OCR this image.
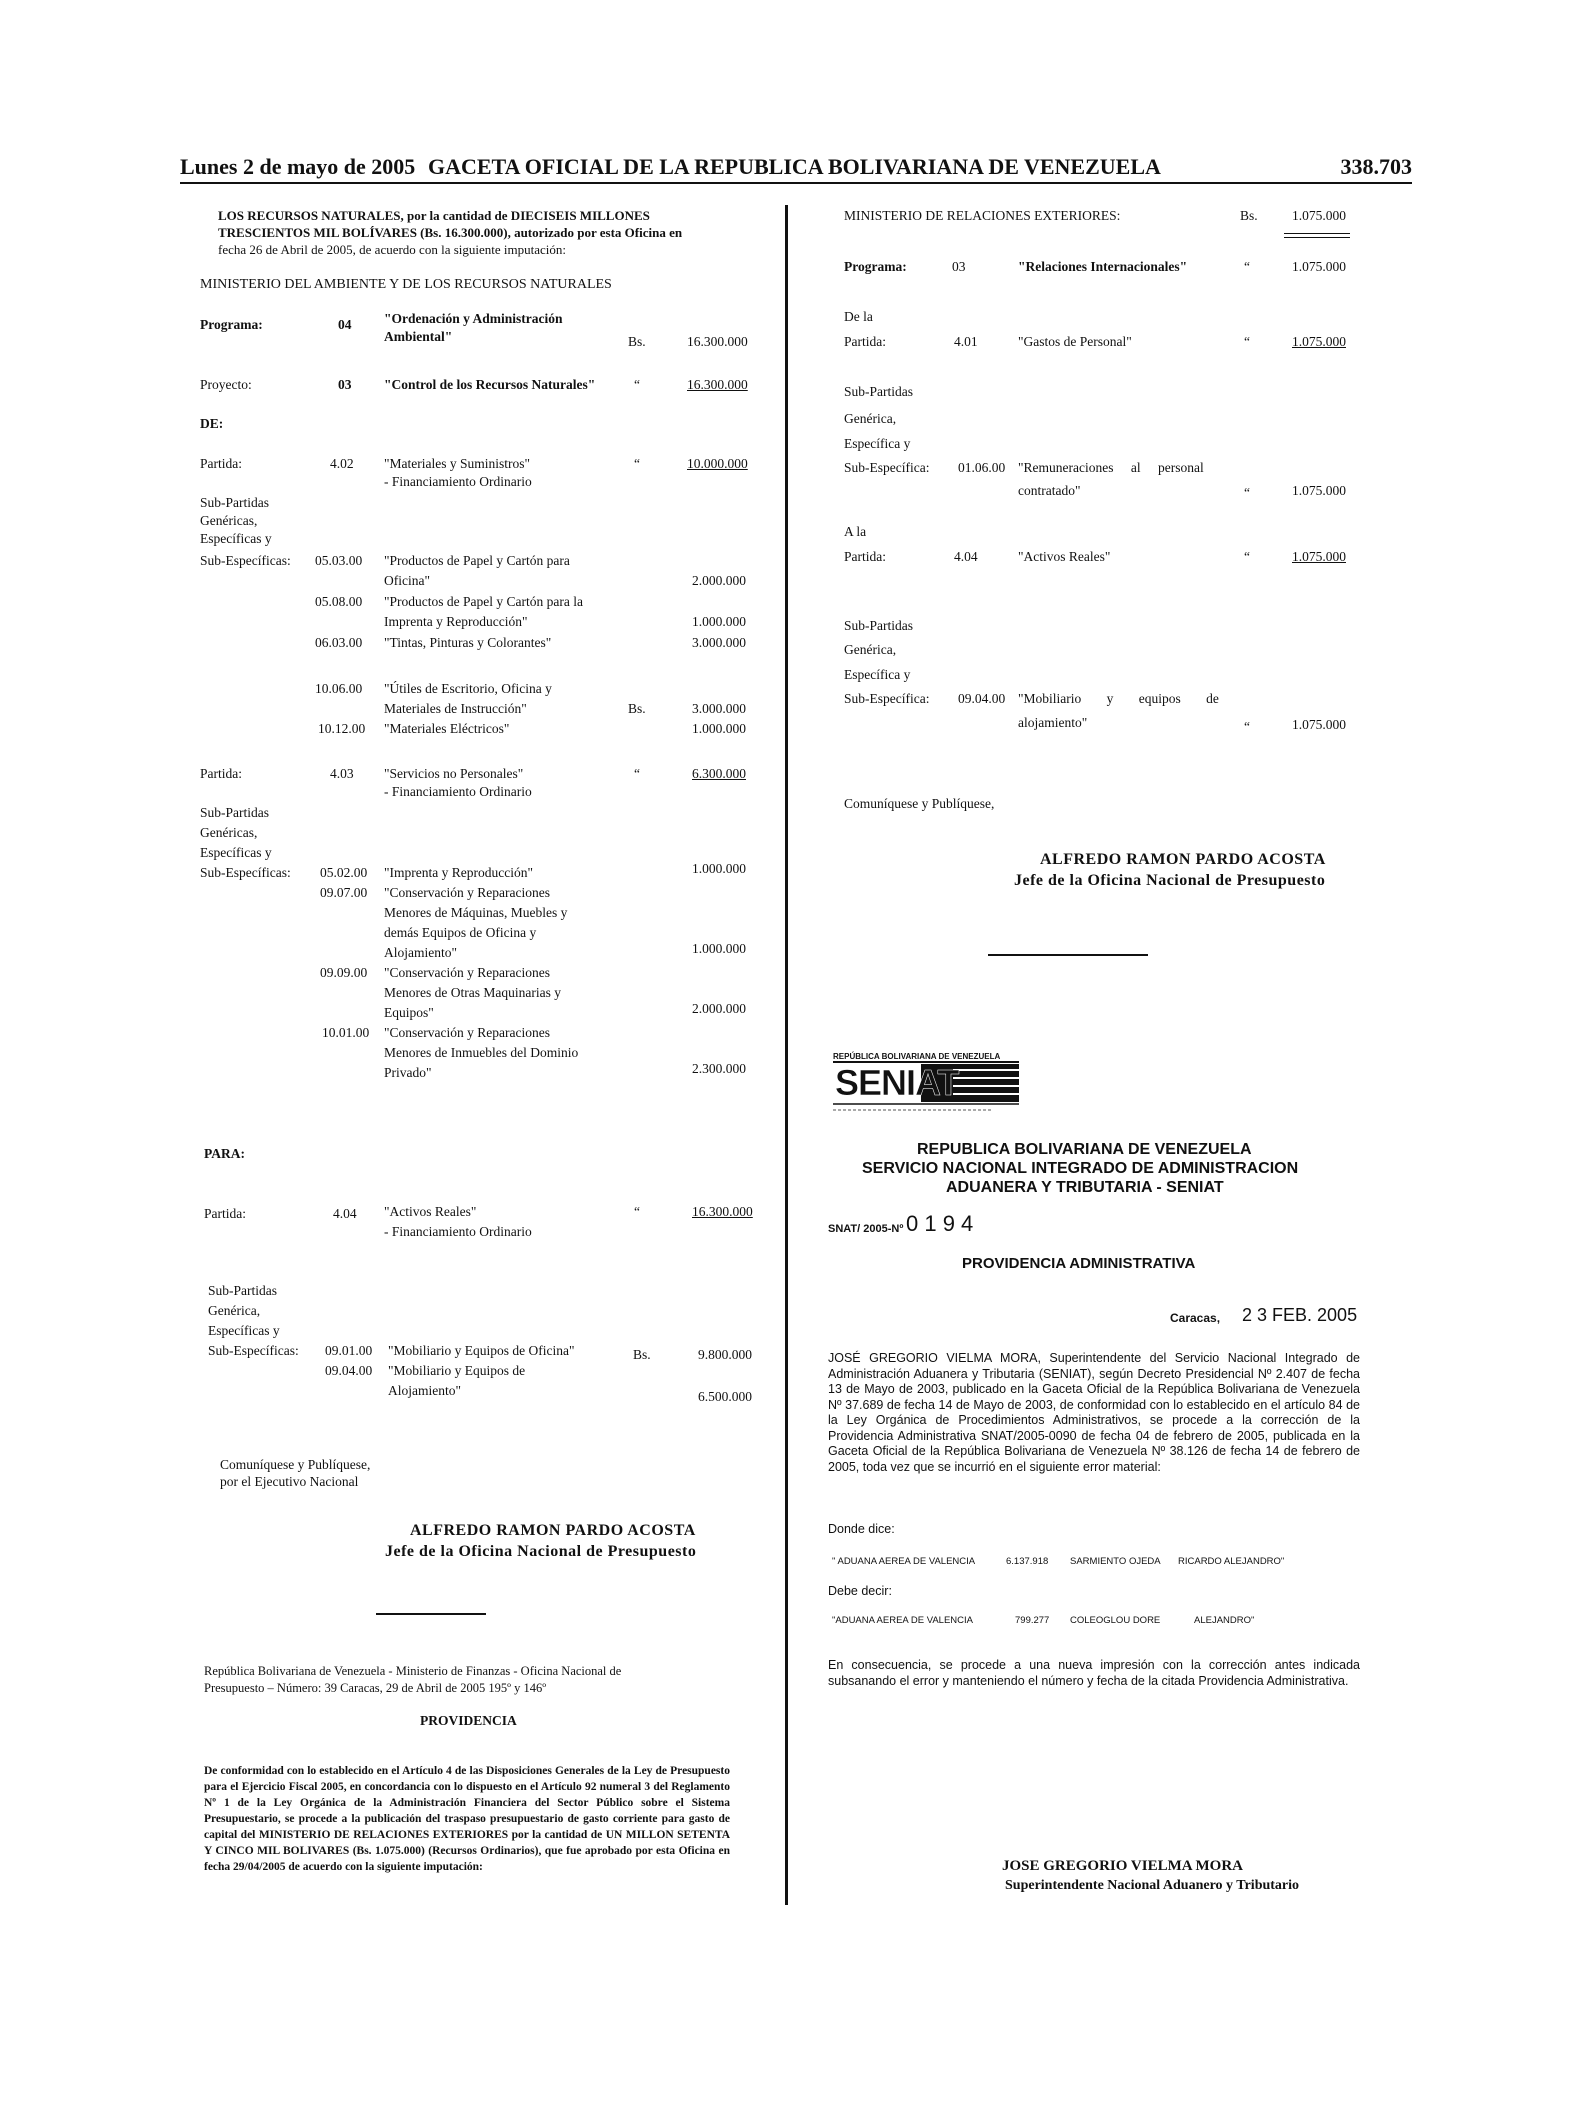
Lunes 2 de mayo de 2005 GACETA OFICIAL DE LA REPUBLICA BOLIVARIANA DE VENEZUELA	338.703
LOS RECURSOS NATURALES, por la cantidad de DIECISEIS MILLONES
TRESCIENTOS MIL BOLÍVARES (Bs. 16.300.000), autorizado por esta Oficina en
fecha 26 de Abril de 2005, de acuerdo con la siguiente imputación:
MINISTERIO DEL AMBIENTE Y DE LOS RECURSOS NATURALES
Programa:	04 "Ordenación y Administración
Ambiental"	Bs.	16.300.000
Proyecto:	03 "Control de los Recursos Naturales"	“	16.300.000
DE:
Partida:	4.02 "Materiales y Suministros"
- Financiamiento Ordinario
“	10.000.000
Sub-Partidas
Genéricas,
Específicas y
Sub-Específicas: 05.03.00 "Productos de Papel y Cartón para
Oficina"	2.000.000
05.08.00 "Productos de Papel y Cartón para la
Imprenta y Reproducción"	1.000.000
06.03.00 "Tintas, Pinturas y Colorantes"	3.000.000
10.06.00 "Útiles de Escritorio, Oficina y
Materiales de Instrucción"	Bs.	3.000.000
10.12.00 "Materiales Eléctricos"	1.000.000
Partida:	4.03 "Servicios no Personales"
- Financiamiento Ordinario
“	6.300.000
Sub-Partidas
Genéricas,
Específicas y
Sub-Específicas: 05.02.00 "Imprenta y Reproducción"	1.000.000
09.07.00 "Conservación y Reparaciones
Menores de Máquinas, Muebles y
demás Equipos de Oficina y
Alojamiento"	1.000.000
09.09.00 "Conservación y Reparaciones
Menores de Otras Maquinarias y
Equipos"	2.000.000
10.01.00 "Conservación y Reparaciones
Menores de Inmuebles del Dominio
Privado"	2.300.000
PARA:
Partida:	4.04 "Activos Reales"
- Financiamiento Ordinario
“	16.300.000
Sub-Partidas
Genérica,
Específicas y
Sub-Específicas: 09.01.00 "Mobiliario y Equipos de Oficina"	Bs.	9.800.000
09.04.00 "Mobiliario y Equipos de
Alojamiento"	6.500.000
Comuníquese y Publíquese,
por el Ejecutivo Nacional
ALFREDO RAMON PARDO ACOSTA
Jefe de la Oficina Nacional de Presupuesto
República Bolivariana de Venezuela - Ministerio de Finanzas - Oficina Nacional de
Presupuesto – Número: 39 Caracas, 29 de Abril de 2005 195º y 146º
PROVIDENCIA
De conformidad con lo establecido en el Artículo 4 de las Disposiciones Generales de la Ley de Presupuesto para el Ejercicio Fiscal 2005, en concordancia con lo dispuesto en el Artículo 92 numeral 3 del Reglamento Nº 1 de la Ley Orgánica de la Administración Financiera del Sector Público sobre el Sistema Presupuestario, se procede a la publicación del traspaso presupuestario de gasto corriente para gasto de capital del MINISTERIO DE RELACIONES EXTERIORES por la cantidad de UN MILLON SETENTA Y CINCO MIL BOLIVARES (Bs. 1.075.000) (Recursos Ordinarios), que fue aprobado por esta Oficina en fecha 29/04/2005 de acuerdo con la siguiente imputación:
MINISTERIO DE RELACIONES EXTERIORES:	Bs.	1.075.000
Programa:	03	"Relaciones Internacionales"	“	1.075.000
De la
Partida:	4.01	"Gastos de Personal"	“	1.075.000
Sub-Partidas
Genérica,
Específica y
Sub-Específica: 01.06.00 "Remuneraciones al personal
contratado"	“	1.075.000
A la
Partida:	4.04	"Activos Reales"	“	1.075.000
Sub-Partidas
Genérica,
Específica y
Sub-Específica: 09.04.00 "Mobiliario y equipos de
alojamiento"	“	1.075.000
Comuníquese y Publíquese,
ALFREDO RAMON PARDO ACOSTA
Jefe de la Oficina Nacional de Presupuesto
REPÚBLICA BOLIVARIANA DE VENEZUELA
SENIAT
REPUBLICA BOLIVARIANA DE VENEZUELA
SERVICIO NACIONAL INTEGRADO DE ADMINISTRACION
ADUANERA Y TRIBUTARIA - SENIAT
SNAT/ 2005-Nº 0 1 9 4
PROVIDENCIA ADMINISTRATIVA
Caracas, 2 3 FEB. 2005
JOSÉ GREGORIO VIELMA MORA, Superintendente del Servicio Nacional Integrado de Administración Aduanera y Tributaria (SENIAT), según Decreto Presidencial Nº 2.407 de fecha 13 de Mayo de 2003, publicado en la Gaceta Oficial de la República Bolivariana de Venezuela Nº 37.689 de fecha 14 de Mayo de 2003, de conformidad con lo establecido en el artículo 84 de la Ley Orgánica de Procedimientos Administrativos, se procede a la corrección de la Providencia Administrativa SNAT/2005-0090 de fecha 04 de febrero de 2005, publicada en la Gaceta Oficial de la República Bolivariana de Venezuela Nº 38.126 de fecha 14 de febrero de 2005, toda vez que se incurrió en el siguiente error material:
Donde dice:
" ADUANA AEREA DE VALENCIA	6.137.918 SARMIENTO OJEDA RICARDO ALEJANDRO"
Debe decir:
"ADUANA AEREA DE VALENCIA	799.277 COLEOGLOU DORE	ALEJANDRO"
En consecuencia, se procede a una nueva impresión con la corrección antes indicada subsanando el error y manteniendo el número y fecha de la citada Providencia Administrativa.
JOSE GREGORIO VIELMA MORA
Superintendente Nacional Aduanero y Tributario
